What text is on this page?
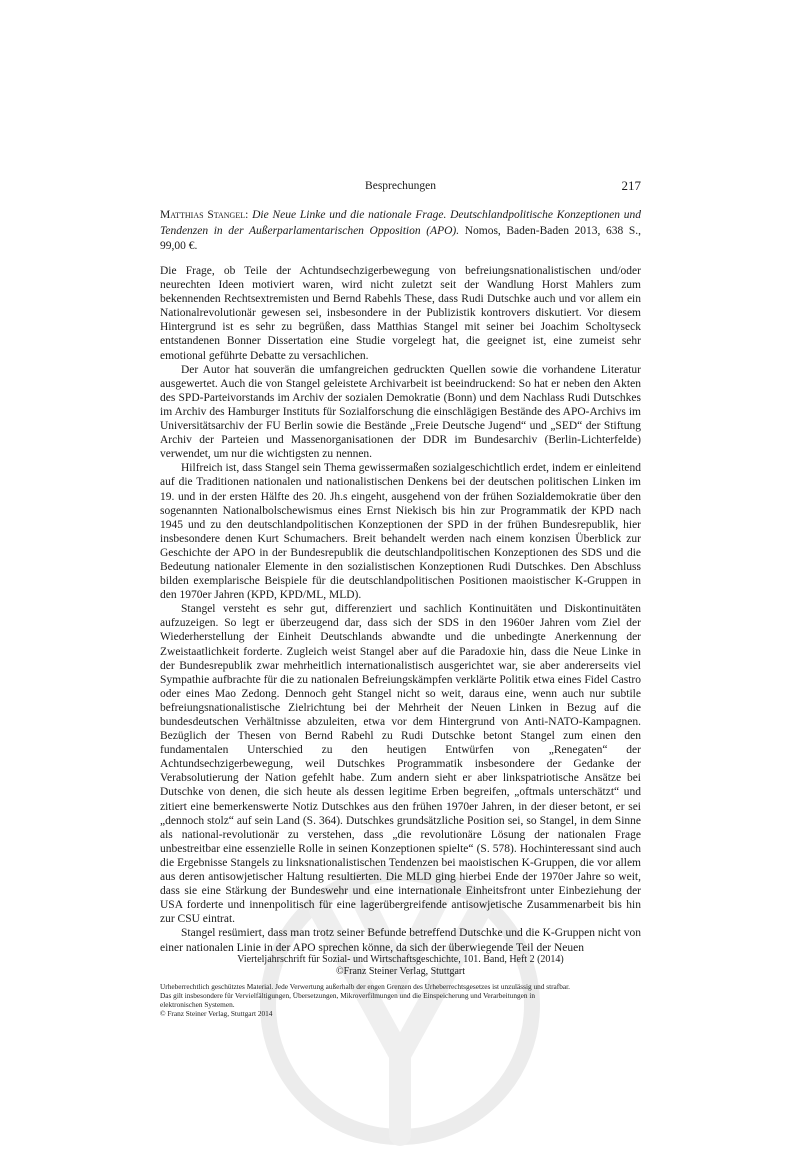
Besprechungen	217
Matthias Stangel: Die Neue Linke und die nationale Frage. Deutschlandpolitische Konzeptionen und Tendenzen in der Außerparlamentarischen Opposition (APO). Nomos, Baden-Baden 2013, 638 S., 99,00 €.

Die Frage, ob Teile der Achtundsechzigerbewegung von befreiungsnationalistischen und/oder neurechten Ideen motiviert waren, wird nicht zuletzt seit der Wandlung Horst Mahlers zum bekennenden Rechtsextremisten und Bernd Rabehls These, dass Rudi Dutschke auch und vor allem ein Nationalrevolutionär gewesen sei, insbesondere in der Publizistik kontrovers diskutiert. Vor diesem Hintergrund ist es sehr zu begrüßen, dass Matthias Stangel mit seiner bei Joachim Scholtyseck entstandenen Bonner Dissertation eine Studie vorgelegt hat, die geeignet ist, eine zumeist sehr emotional geführte Debatte zu versachlichen.

Der Autor hat souverän die umfangreichen gedruckten Quellen sowie die vorhandene Literatur ausgewertet. Auch die von Stangel geleistete Archivarbeit ist beeindruckend: So hat er neben den Akten des SPD-Parteivorstands im Archiv der sozialen Demokratie (Bonn) und dem Nachlass Rudi Dutschkes im Archiv des Hamburger Instituts für Sozialforschung die einschlägigen Bestände des APO-Archivs im Universitätsarchiv der FU Berlin sowie die Bestände „Freie Deutsche Jugend“ und „SED“ der Stiftung Archiv der Parteien und Massenorganisationen der DDR im Bundesarchiv (Berlin-Lichterfelde) verwendet, um nur die wichtigsten zu nennen.

Hilfreich ist, dass Stangel sein Thema gewissermaßen sozialgeschichtlich erdet, indem er einleitend auf die Traditionen nationalen und nationalistischen Denkens bei der deutschen politischen Linken im 19. und in der ersten Hälfte des 20. Jh.s eingeht, ausgehend von der frühen Sozialdemokratie über den sogenannten Nationalbolschewismus eines Ernst Niekisch bis hin zur Programmatik der KPD nach 1945 und zu den deutschlandpolitischen Konzeptionen der SPD in der frühen Bundesrepublik, hier insbesondere denen Kurt Schumachers. Breit behandelt werden nach einem konzisen Überblick zur Geschichte der APO in der Bundesrepublik die deutschlandpolitischen Konzeptionen des SDS und die Bedeutung nationaler Elemente in den sozialistischen Konzeptionen Rudi Dutschkes. Den Abschluss bilden exemplarische Beispiele für die deutschlandpolitischen Positionen maoistischer K-Gruppen in den 1970er Jahren (KPD, KPD/ML, MLD).

Stangel versteht es sehr gut, differenziert und sachlich Kontinuitäten und Diskontinuitäten aufzuzeigen. So legt er überzeugend dar, dass sich der SDS in den 1960er Jahren vom Ziel der Wiederherstellung der Einheit Deutschlands abwandte und die unbedingte Anerkennung der Zweistaatlichkeit forderte. Zugleich weist Stangel aber auf die Paradoxie hin, dass die Neue Linke in der Bundesrepublik zwar mehrheitlich internationalistisch ausgerichtet war, sie aber andererseits viel Sympathie aufbrachte für die zu nationalen Befreiungskämpfen verklärte Politik etwa eines Fidel Castro oder eines Mao Zedong. Dennoch geht Stangel nicht so weit, daraus eine, wenn auch nur subtile befreiungsnationalistische Zielrichtung bei der Mehrheit der Neuen Linken in Bezug auf die bundesdeutschen Verhältnisse abzuleiten, etwa vor dem Hintergrund von Anti-NATO-Kampagnen. Bezüglich der Thesen von Bernd Rabehl zu Rudi Dutschke betont Stangel zum einen den fundamentalen Unterschied zu den heutigen Entwürfen von „Renegaten“ der Achtundsechzigerbewegung, weil Dutschkes Programmatik insbesondere der Gedanke der Verabsolutierung der Nation gefehlt habe. Zum andern sieht er aber linkspatriotische Ansätze bei Dutschke von denen, die sich heute als dessen legitime Erben begreifen, „oftmals unterschätzt“ und zitiert eine bemerkenswerte Notiz Dutschkes aus den frühen 1970er Jahren, in der dieser betont, er sei „dennoch stolz“ auf sein Land (S. 364). Dutschkes grundsätzliche Position sei, so Stangel, in dem Sinne als national-revolutionär zu verstehen, dass „die revolutionäre Lösung der nationalen Frage unbestreitbar eine essenzielle Rolle in seinen Konzeptionen spielte“ (S. 578). Hochinteressant sind auch die Ergebnisse Stangels zu linksnationalistischen Tendenzen bei maoistischen K-Gruppen, die vor allem aus deren antisowjetischer Haltung resultierten. Die MLD ging hierbei Ende der 1970er Jahre so weit, dass sie eine Stärkung der Bundeswehr und eine internationale Einheitsfront unter Einbeziehung der USA forderte und innenpolitisch für eine lagerübergreifende antisowjetische Zusammenarbeit bis hin zur CSU eintrat.

Stangel resümiert, dass man trotz seiner Befunde betreffend Dutschke und die K-Gruppen nicht von einer nationalen Linie in der APO sprechen könne, da sich der überwiegende Teil der Neuen

Vierteljahrschrift für Sozial- und Wirtschaftsgeschichte, 101. Band, Heft 2 (2014)
©Franz Steiner Verlag, Stuttgart
Urheberrechtlich geschütztes Material. Jede Verwertung außerhalb der engen Grenzen des Urheberrechtsgesetzes ist unzulässig und strafbar.
Das gilt insbesondere für Vervielfältigungen, Übersetzungen, Mikroverfilmungen und die Einspeicherung und Verarbeitungen in
elektronischen Systemen.
© Franz Steiner Verlag, Stuttgart 2014
